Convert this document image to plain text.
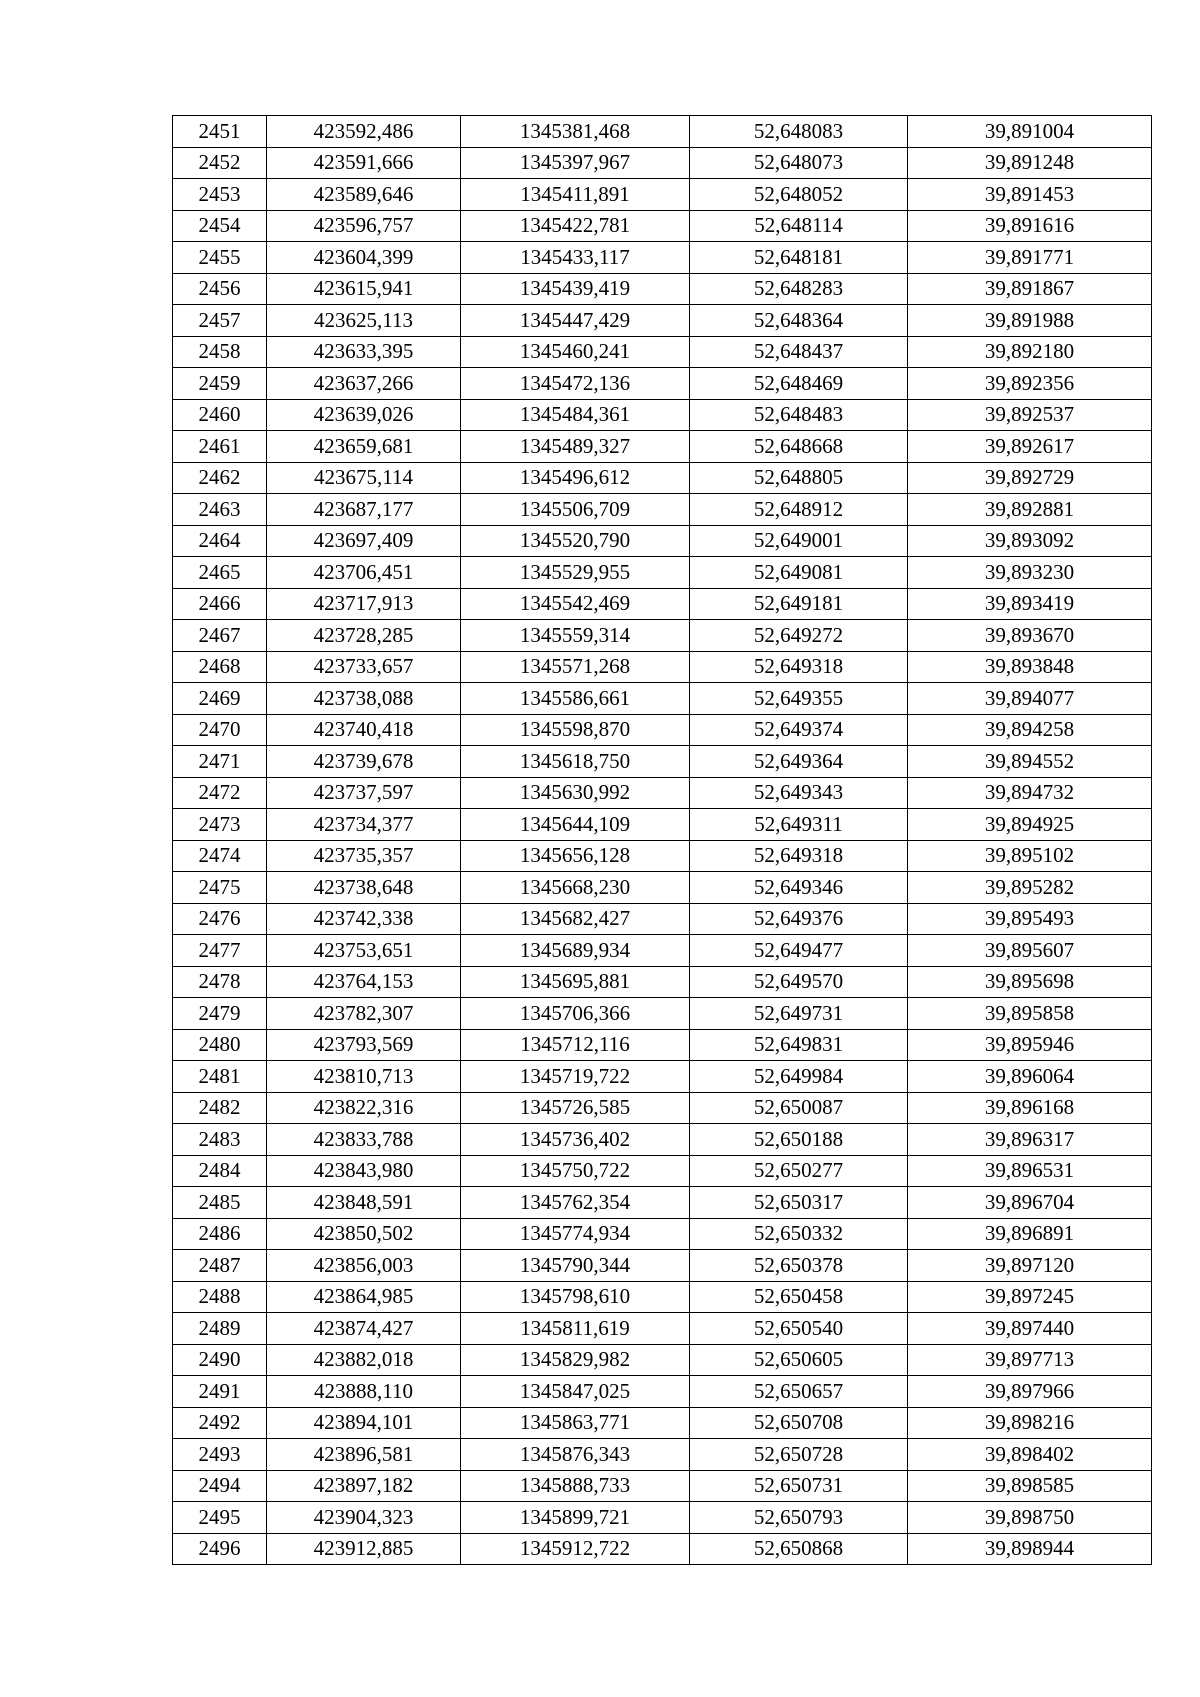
2451	423592,486	1345381,468	52,648083	39,891004
2452	423591,666	1345397,967	52,648073	39,891248
2453	423589,646	1345411,891	52,648052	39,891453
2454	423596,757	1345422,781	52,648114	39,891616
2455	423604,399	1345433,117	52,648181	39,891771
2456	423615,941	1345439,419	52,648283	39,891867
2457	423625,113	1345447,429	52,648364	39,891988
2458	423633,395	1345460,241	52,648437	39,892180
2459	423637,266	1345472,136	52,648469	39,892356
2460	423639,026	1345484,361	52,648483	39,892537
2461	423659,681	1345489,327	52,648668	39,892617
2462	423675,114	1345496,612	52,648805	39,892729
2463	423687,177	1345506,709	52,648912	39,892881
2464	423697,409	1345520,790	52,649001	39,893092
2465	423706,451	1345529,955	52,649081	39,893230
2466	423717,913	1345542,469	52,649181	39,893419
2467	423728,285	1345559,314	52,649272	39,893670
2468	423733,657	1345571,268	52,649318	39,893848
2469	423738,088	1345586,661	52,649355	39,894077
2470	423740,418	1345598,870	52,649374	39,894258
2471	423739,678	1345618,750	52,649364	39,894552
2472	423737,597	1345630,992	52,649343	39,894732
2473	423734,377	1345644,109	52,649311	39,894925
2474	423735,357	1345656,128	52,649318	39,895102
2475	423738,648	1345668,230	52,649346	39,895282
2476	423742,338	1345682,427	52,649376	39,895493
2477	423753,651	1345689,934	52,649477	39,895607
2478	423764,153	1345695,881	52,649570	39,895698
2479	423782,307	1345706,366	52,649731	39,895858
2480	423793,569	1345712,116	52,649831	39,895946
2481	423810,713	1345719,722	52,649984	39,896064
2482	423822,316	1345726,585	52,650087	39,896168
2483	423833,788	1345736,402	52,650188	39,896317
2484	423843,980	1345750,722	52,650277	39,896531
2485	423848,591	1345762,354	52,650317	39,896704
2486	423850,502	1345774,934	52,650332	39,896891
2487	423856,003	1345790,344	52,650378	39,897120
2488	423864,985	1345798,610	52,650458	39,897245
2489	423874,427	1345811,619	52,650540	39,897440
2490	423882,018	1345829,982	52,650605	39,897713
2491	423888,110	1345847,025	52,650657	39,897966
2492	423894,101	1345863,771	52,650708	39,898216
2493	423896,581	1345876,343	52,650728	39,898402
2494	423897,182	1345888,733	52,650731	39,898585
2495	423904,323	1345899,721	52,650793	39,898750
2496	423912,885	1345912,722	52,650868	39,898944
